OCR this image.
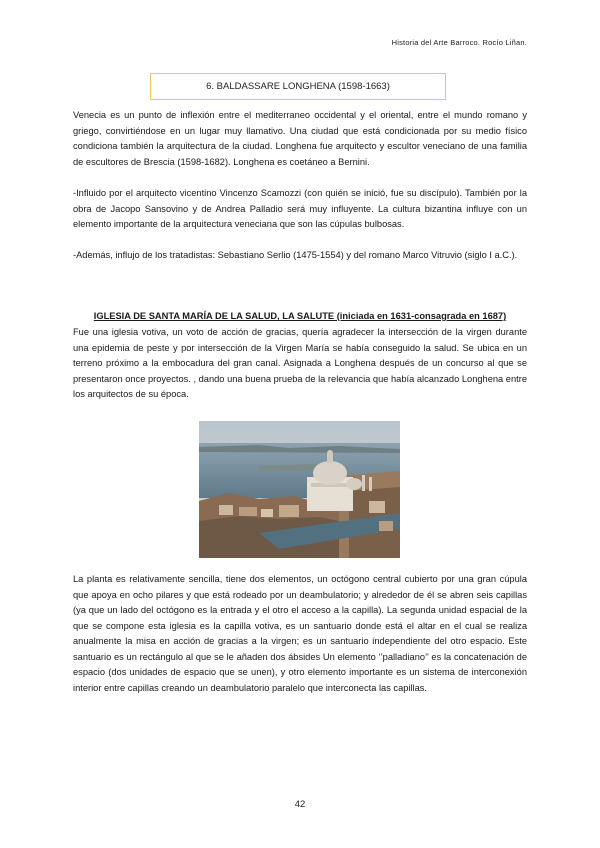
Historia del Arte Barroco. Rocío Liñan.
6. BALDASSARE LONGHENA (1598-1663)

Venecia es un punto de inflexión entre el mediterraneo occidental y el oriental, entre el mundo romano y griego, convirtiéndose en un lugar muy llamativo. Una ciudad que está condicionada por su medio físico condiciona también la arquitectura de la ciudad. Longhena fue arquitecto y escultor veneciano de una familia de escultores de Brescia (1598-1682). Longhena es coetáneo a Bernini.

-Influido por el arquitecto vicentino Vincenzo Scamozzi (con quién se inició, fue su discípulo). También por la obra de Jacopo Sansovino y de Andrea Palladio será muy influyente. La cultura bizantina influye con un elemento importante de la arquitectura veneciana que son las cúpulas bulbosas.

-Además, influjo de los tratadistas: Sebastiano Serlio (1475-1554) y del romano Marco Vitruvio (siglo I a.C.).

IGLESIA DE SANTA MARÍA DE LA SALUD, LA SALUTE (iniciada en 1631-consagrada en 1687)

Fue una iglesia votiva, un voto de acción de gracias, quería agradecer la intersección de la virgen durante una epidemia de peste y por intersección de la Virgen María se había conseguido la salud. Se ubica en un terreno próximo a la embocadura del gran canal. Asignada a Longhena después de un concurso al que se presentaron once proyectos. , dando una buena prueba de la relevancia que había alcanzado Longhena entre los arquitectos de su época.

La planta es relativamente sencilla, tiene dos elementos, un octógono central cubierto por una gran cúpula que apoya en ocho pilares y que está rodeado por un deambulatorio; y alrededor de él se abren seis capillas (ya que un lado del octógono es la entrada y el otro el acceso a la capilla). La segunda unidad espacial de la que se compone esta iglesia es la capilla votiva, es un santuario donde está el altar en el cual se realiza anualmente la misa en acción de gracias a la virgen; es un santuario independiente del otro espacio. Este santuario es un rectángulo al que se le añaden dos ábsides Un elemento ‘’palladiano’’ es la concatenación de espacio (dos unidades de espacio que se unen), y otro elemento importante es un sistema de interconexión interior entre capillas creando un deambulatorio paralelo que interconecta las capillas.

42
